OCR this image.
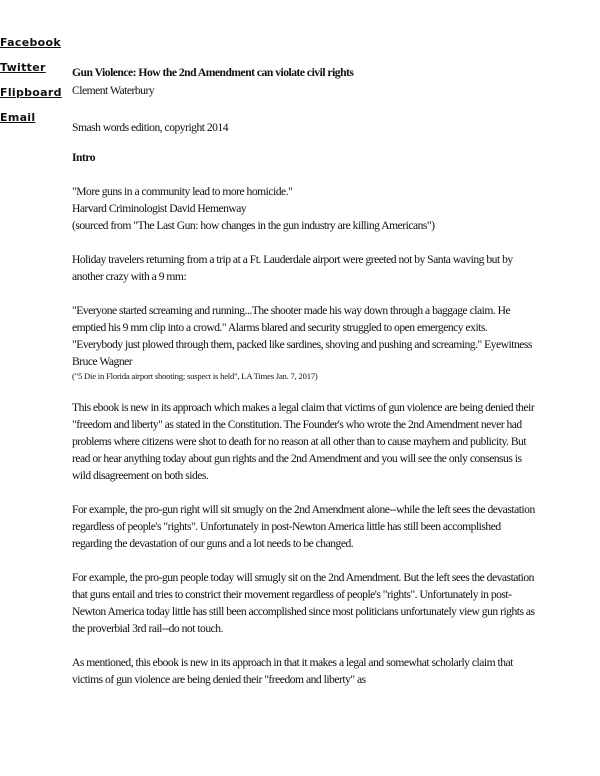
Facebook
Twitter
Flipboard
Email

Gun Violence: How the 2nd Amendment can violate civil rights

Clement Waterbury

Smash words edition, copyright 2014

Intro

"More guns in a community lead to more homicide."
Harvard Criminologist David Hemenway
(sourced from "The Last Gun: how changes in the gun industry are killing Americans")

Holiday travelers returning from a trip at a Ft. Lauderdale airport were greeted not by Santa waving but by another crazy with a 9 mm:

"Everyone started screaming and running...The shooter made his way down through a baggage claim. He emptied his 9 mm clip into a crowd." Alarms blared and security struggled to open emergency exits. "Everybody just plowed through them, packed like sardines, shoving and pushing and screaming." Eyewitness Bruce Wagner
("5 Die in Florida airport shooting; suspect is held", LA Times Jan. 7, 2017)

This ebook is new in its approach which makes a legal claim that victims of gun violence are being denied their "freedom and liberty" as stated in the Constitution. The Founder's who wrote the 2nd Amendment never had problems where citizens were shot to death for no reason at all other than to cause mayhem and publicity. But read or hear anything today about gun rights and the 2nd Amendment and you will see the only consensus is wild disagreement on both sides.

For example, the pro-gun right will sit smugly on the 2nd Amendment alone--while the left sees the devastation regardless of people's "rights". Unfortunately in post-Newton America little has still been accomplished regarding the devastation of our guns and a lot needs to be changed.

For example, the pro-gun people today will smugly sit on the 2nd Amendment. But the left sees the devastation that guns entail and tries to constrict their movement regardless of people's "rights". Unfortunately in post-Newton America today little has still been accomplished since most politicians unfortunately view gun rights as the proverbial 3rd rail--do not touch.

As mentioned, this ebook is new in its approach in that it makes a legal and somewhat scholarly claim that victims of gun violence are being denied their "freedom and liberty" as
